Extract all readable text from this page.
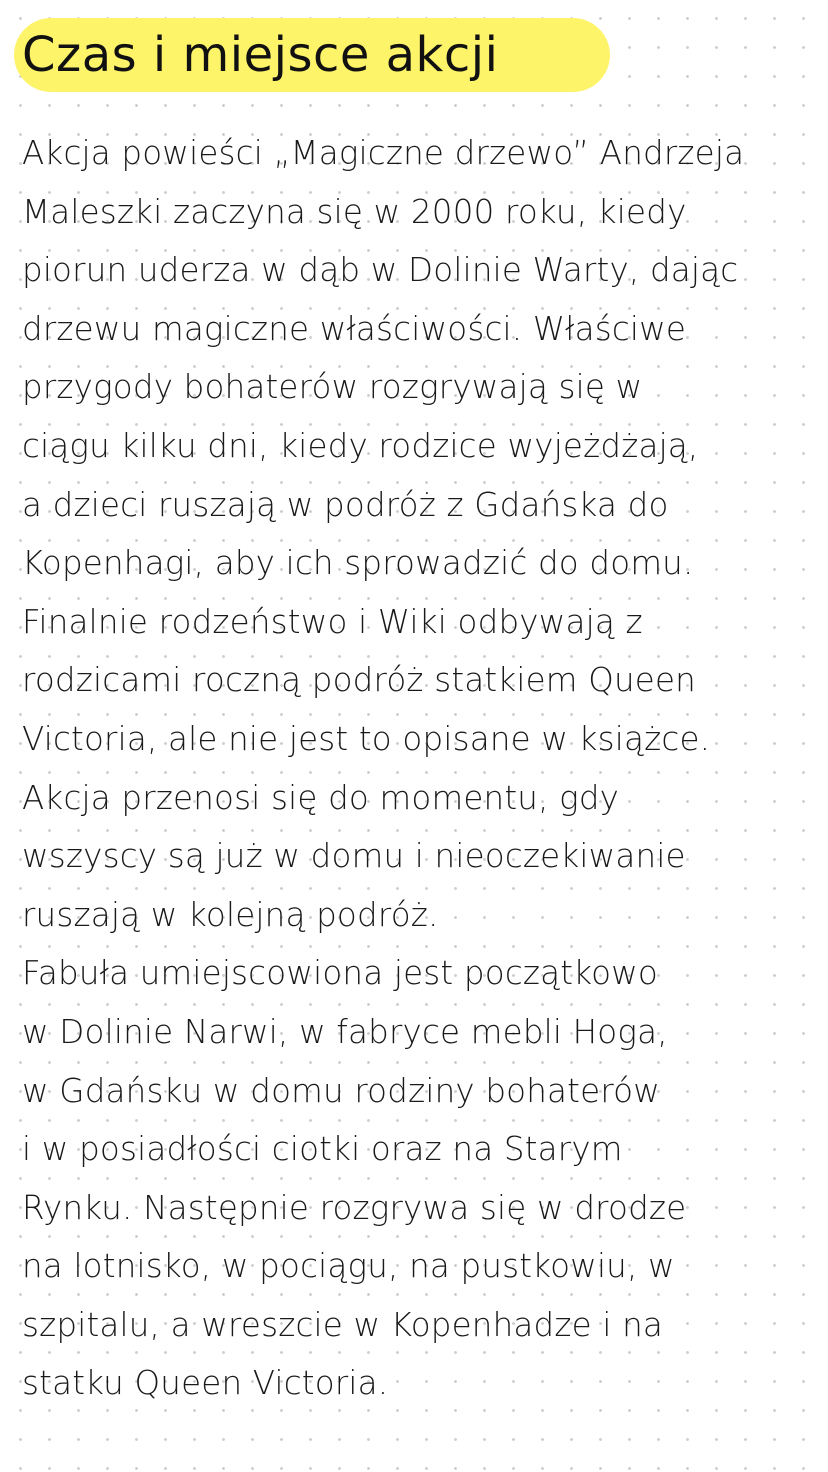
Czas i miejsce akcji
Akcja powieści „Magiczne drzewo” Andrzeja
Maleszki zaczyna się w 2000 roku, kiedy
piorun uderza w dąb w Dolinie Warty, dając
drzewu magiczne właściwości. Właściwe
przygody bohaterów rozgrywają się w
ciągu kilku dni, kiedy rodzice wyjeżdżają,
a dzieci ruszają w podróż z Gdańska do
Kopenhagi, aby ich sprowadzić do domu.
Finalnie rodzeństwo i Wiki odbywają z
rodzicami roczną podróż statkiem Queen
Victoria, ale nie jest to opisane w książce.
Akcja przenosi się do momentu, gdy
wszyscy są już w domu i nieoczekiwanie
ruszają w kolejną podróż.
Fabuła umiejscowiona jest początkowo
w Dolinie Narwi, w fabryce mebli Hoga,
w Gdańsku w domu rodziny bohaterów
i w posiadłości ciotki oraz na Starym
Rynku. Następnie rozgrywa się w drodze
na lotnisko, w pociągu, na pustkowiu, w
szpitalu, a wreszcie w Kopenhadze i na
statku Queen Victoria.
